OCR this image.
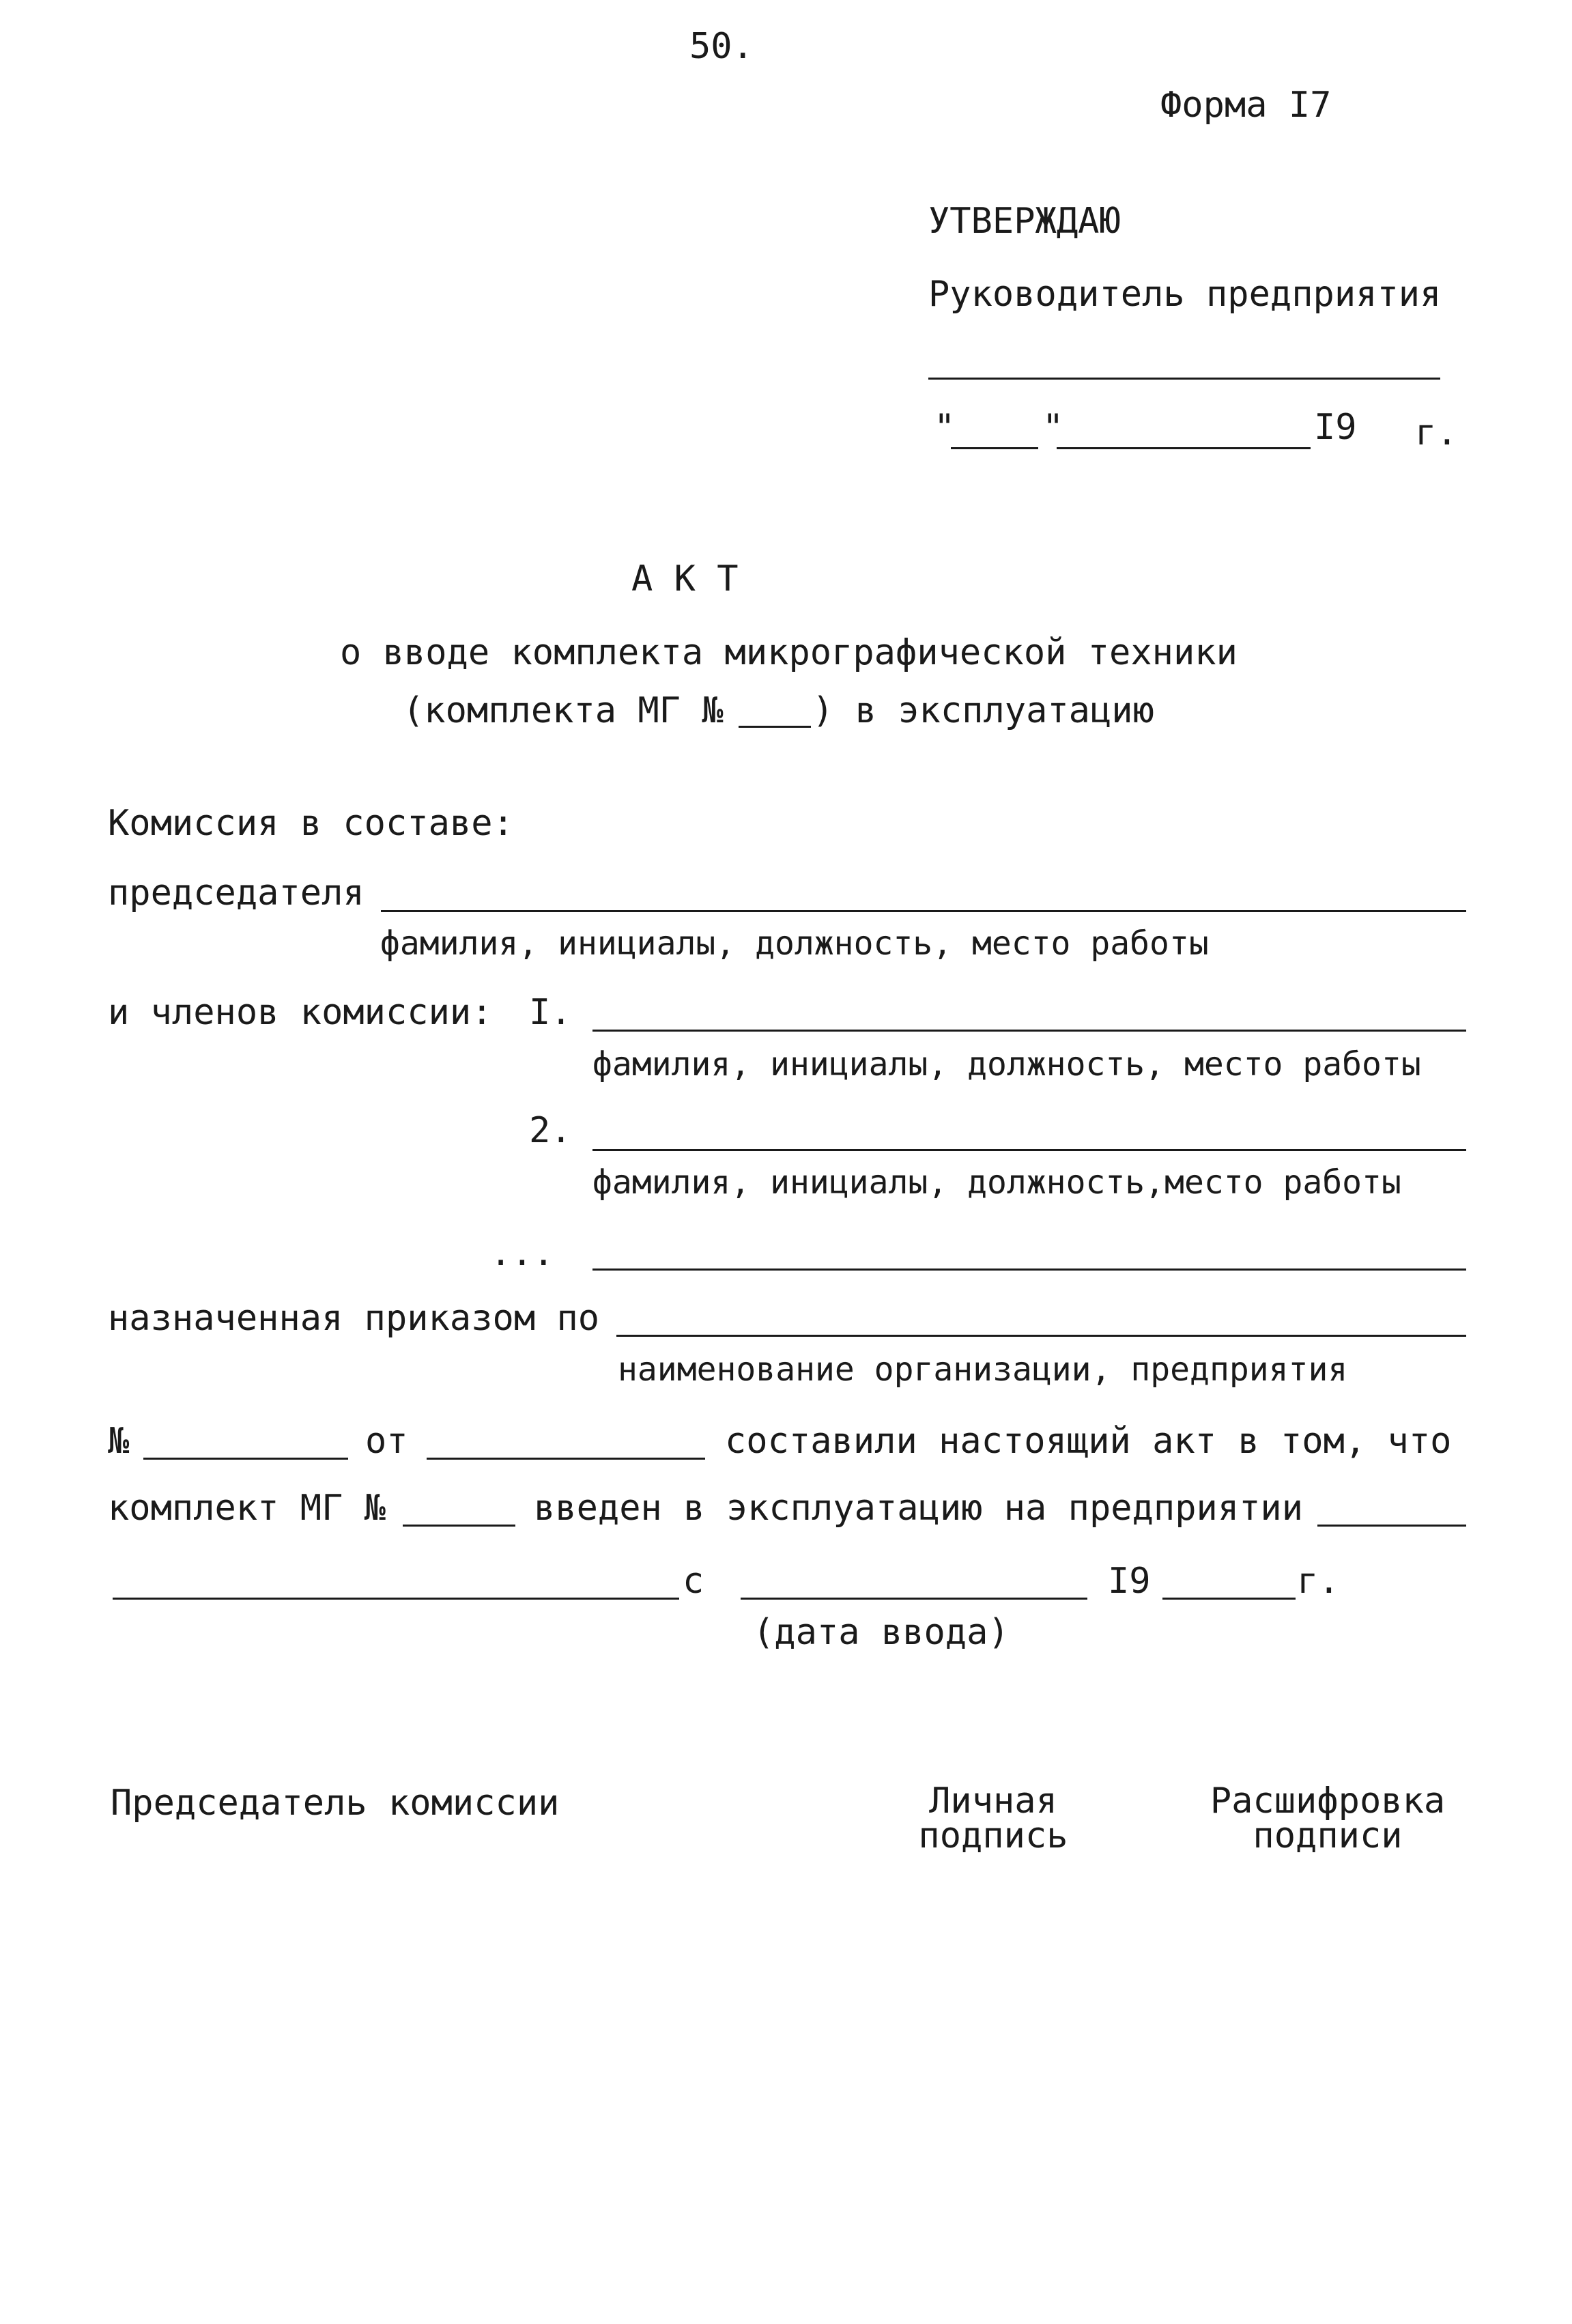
50.
Форма I7
УТВЕРЖДАЮ
Руководитель предприятия
" "	I9 г.
А К Т
о вводе комплекта микрографической техники
(комплекта МГ №	) в эксплуатацию
Комиссия в составе:
председателя
фамилия, инициалы, должность, место работы
и членов комиссии: I.
фамилия, инициалы, должность, место работы
2.
фамилия, инициалы, должность,место работы
...
назначенная приказом по
наименование организации, предприятия
№	от	составили настоящий акт в том, что
комплект МГ №	введен в эксплуатацию на предприятии
с	I9	г.
(дата ввода)
Председатель комиссии	Личная
подпись
Расшифровка
подписи
